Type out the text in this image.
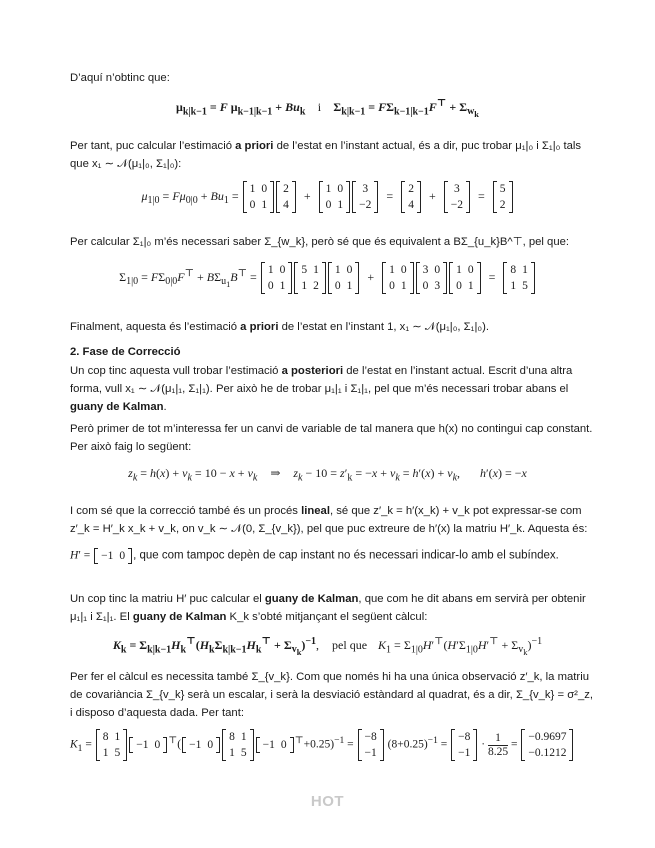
D’aquí n’obtinc que:

$\mu_{k|k-1} = F$ $\mu_{k-1|k-1} + Bu_k$ i $\Sigma_{k|k-1} = F\Sigma_{k-1|k-1}F^⊤ + \Sigma_{w_k}$

Per tant, puc calcular l’estimació a priori de l’estat en l’instant actual, és a dir, puc trobar μ₁|₀ i Σ₁|₀ tals que x₁ ∼ 𝒩(μ₁|₀, Σ₁|₀):

$\mu_{1|0} = F\mu_{0|0} + Bu_1 = 1$	0
0	1
2
4
+ 1	0
0	1
3
−2
= 2
4
+ 3
−2
= 5
2

Per calcular Σ₁|₀ m’és necessari saber Σ_{w_k}, però sé que és equivalent a BΣ_{u_k}B^⊤, pel que:

$\Sigma_{1|0} = F\Sigma_{0|0}F^⊤ + B\Sigma_{u_1}B^⊤ = 1$	0
0	1
5	1
1	2
1	0
0	1
+ 1	0
0	1
3	0
0	3
1	0
0	1
= 8	1
1	5

Finalment, aquesta és l’estimació a priori de l’estat en l’instant 1, x₁ ∼ 𝒩(μ₁|₀, Σ₁|₀).

2. Fase de Correcció

Un cop tinc aquesta vull trobar l’estimació a posteriori de l’estat en l’instant actual. Escrit d’una altra forma, vull x₁ ∼ 𝒩(μ₁|₁, Σ₁|₁). Per això he de trobar μ₁|₁ i Σ₁|₁, pel que m’és necessari trobar abans el guany de Kalman.

Però primer de tot m’interessa fer un canvi de variable de tal manera que h(x) no contingui cap constant. Per això faig lo següent:

$z_k = h(x) + v_k = 10 - x + v_k$ ⇒ $z_k - 10 = z'_k = -x + v_k = h'(x) + v_k$,  h′(x) = −x

I com sé que la correcció també és un procés lineal, sé que z′_k = h′(x_k) + v_k pot expressar-se com z′_k = H′_k x_k + v_k, on v_k ∼ 𝒩(0, Σ_{v_k}), pel que puc extreure de h′(x) la matriu H′_k. Aquesta és:

H′ = −1	0 , que com tampoc depèn de cap instant no és necessari indicar-lo amb el subíndex.

Un cop tinc la matriu H′ puc calcular el guany de Kalman, que com he dit abans em servirà per obtenir μ₁|₁ i Σ₁|₁. El guany de Kalman K_k s’obté mitjançant el següent càlcul:

$K_k = \Sigma_{k|k-1}H_k^⊤(H_k\Sigma_{k|k-1}H_k^⊤ + \Sigma_{v_k})^{-1}$, pel que $K_1 = \Sigma_{1|0}H'^⊤(H'\Sigma_{1|0}H'^⊤ + \Sigma_{v_k})^{-1}$

Per fer el càlcul es necessita també Σ_{v_k}. Com que només hi ha una única observació z′_k, la matriu de covariància Σ_{v_k} serà un escalar, i serà la desviació estàndard al quadrat, és a dir, Σ_{v_k} = σ²_z, i disposo d’aquesta dada. Per tant:

$K_1$ =
8	1
1	5
−1	0 ⊤( −1	0
8	1
1	5
−1	0 ⊤+0.25)$^{-1}$ =
−8
−1
$(8+0.25)^{-1}$ =
−8
−1
· $\frac{1}{8.25}$ =
−0.9697
−0.1212
HOT
